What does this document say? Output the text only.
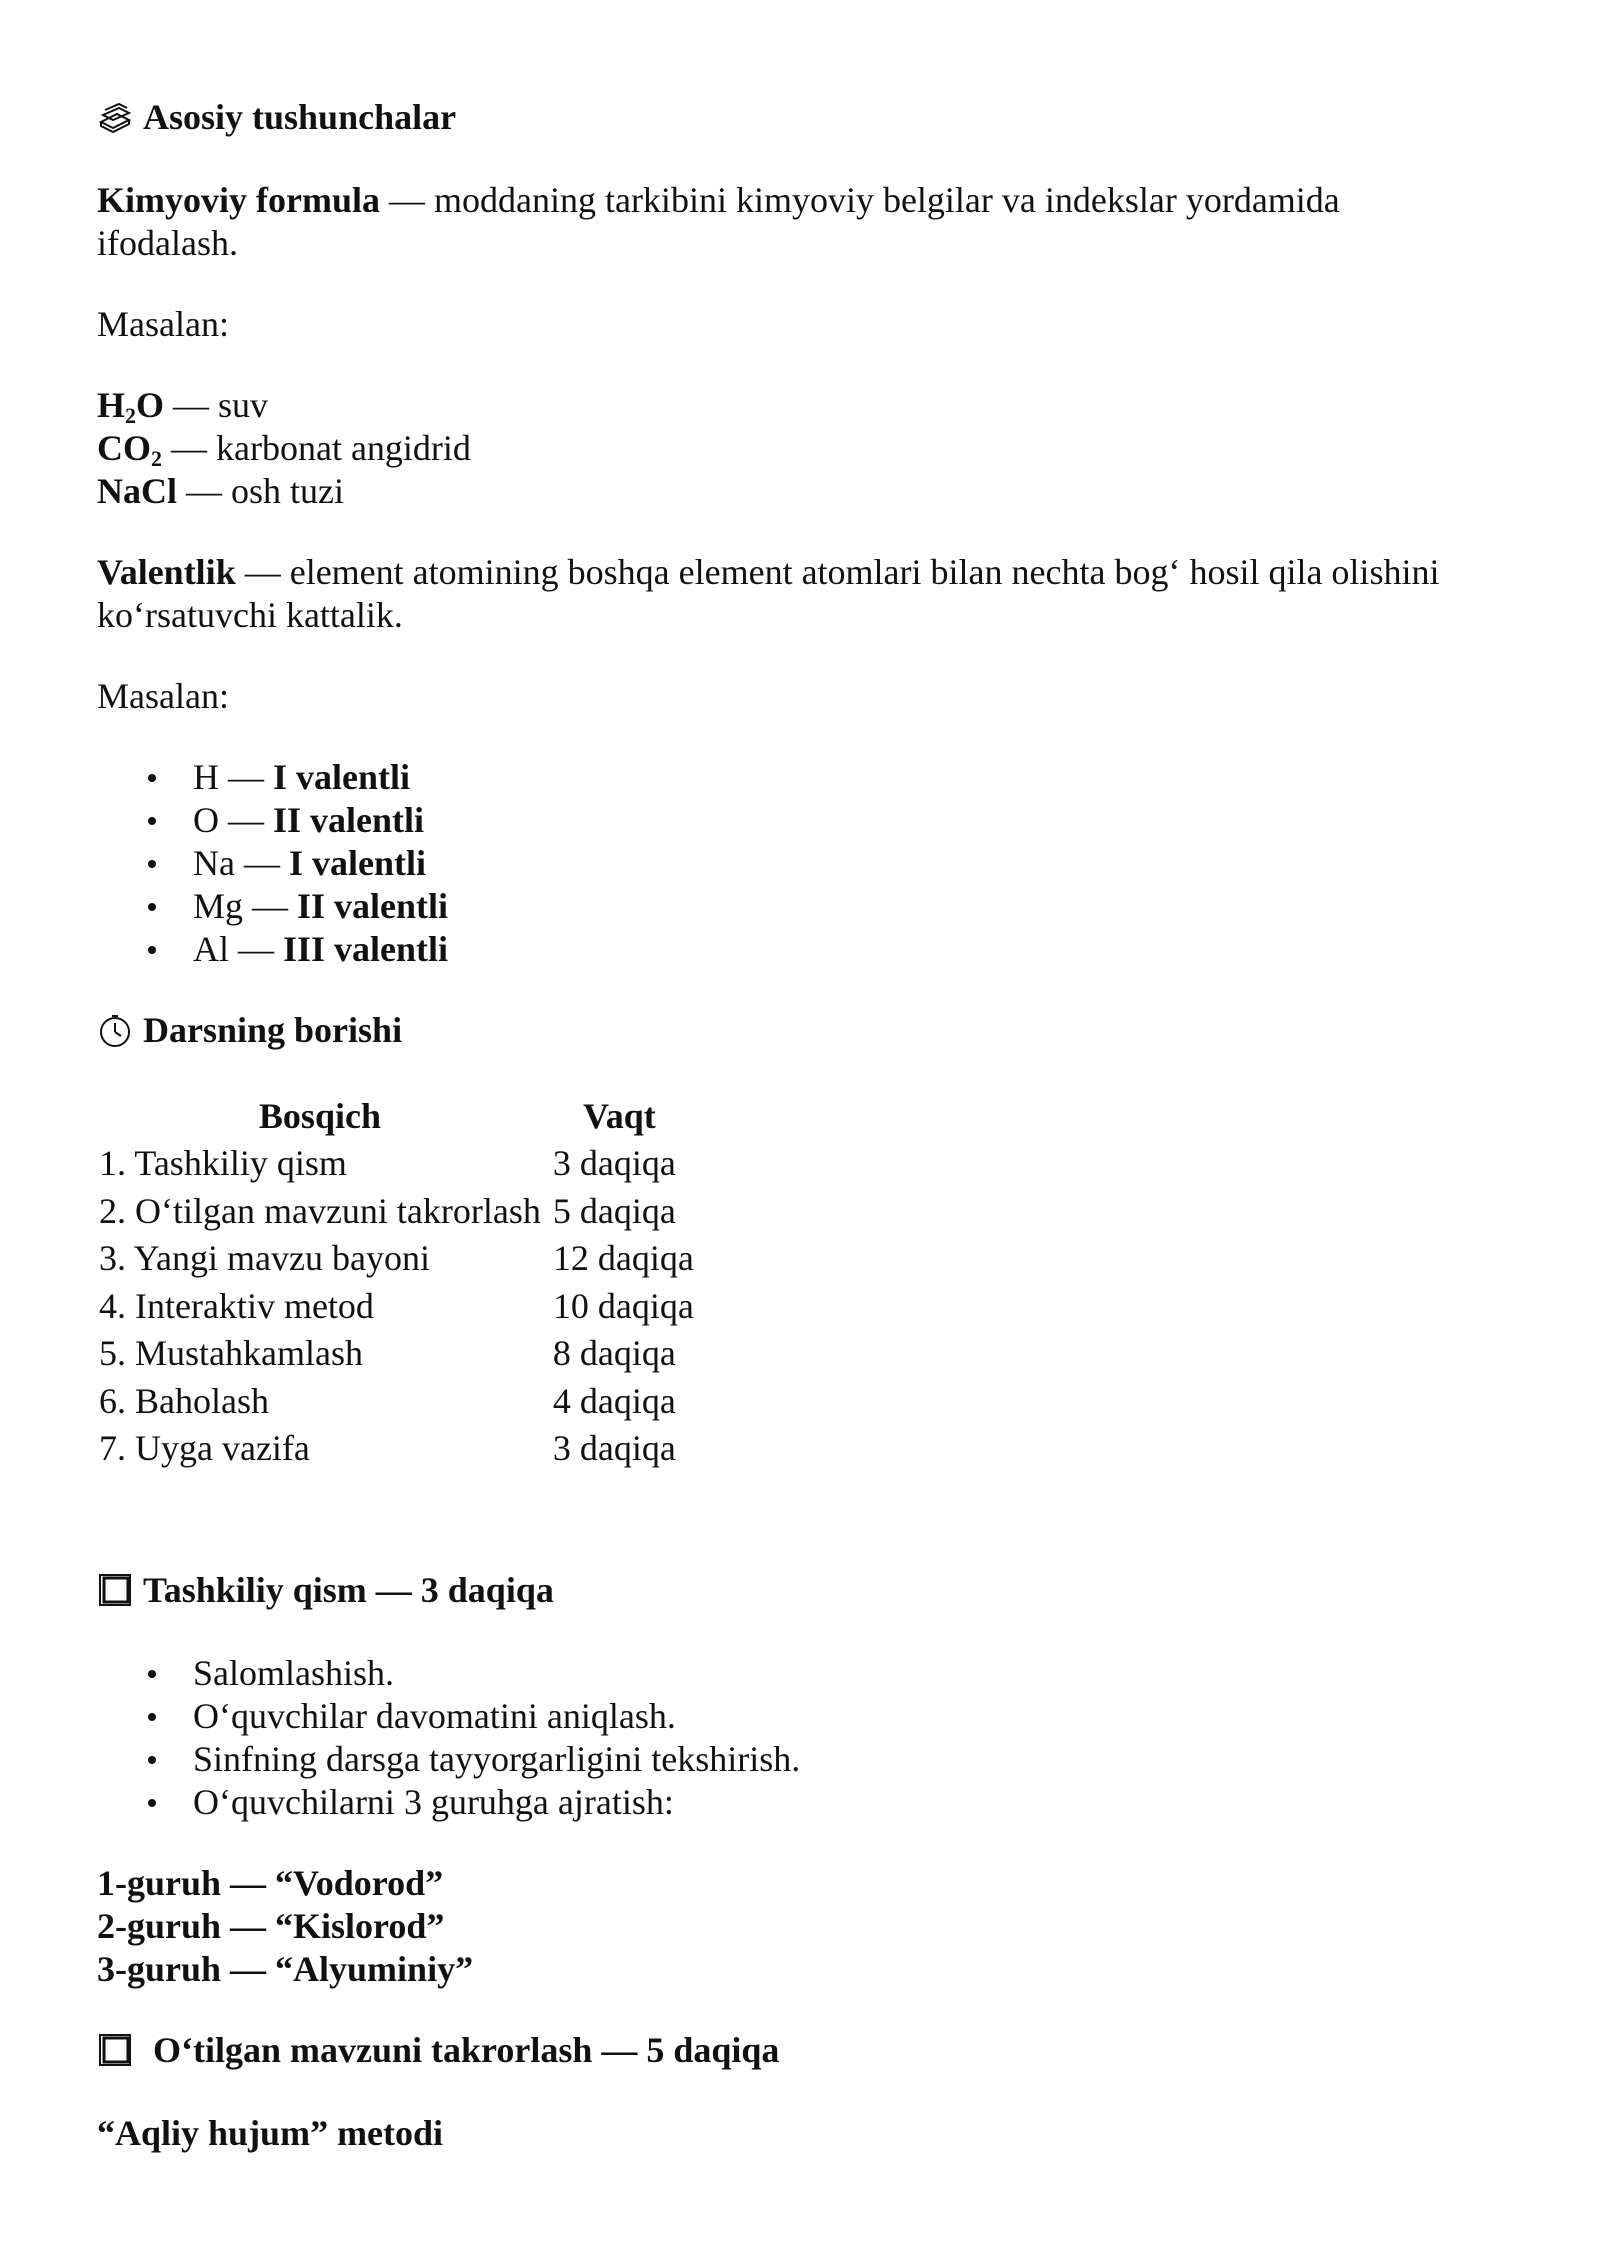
Asosiy tushunchalar

Kimyoviy formula — moddaning tarkibini kimyoviy belgilar va indekslar yordamida ifodalash.

Masalan:

$H_2O$ — suv
$CO_2$ — karbonat angidrid
NaCl — osh tuzi

Valentlik — element atomining boshqa element atomlari bilan nechta bog‘ hosil qila olishini ko‘rsatuvchi kattalik.

Masalan:

H — I valentli
O — II valentli
Na — I valentli
Mg — II valentli
Al — III valentli

Darsning borishi

Bosqich	Vaqt
1. Tashkiliy qism	3 daqiqa
2. O‘tilgan mavzuni takrorlash	5 daqiqa
3. Yangi mavzu bayoni	12 daqiqa
4. Interaktiv metod	10 daqiqa
5. Mustahkamlash	8 daqiqa
6. Baholash	4 daqiqa
7. Uyga vazifa	3 daqiqa

Tashkiliy qism — 3 daqiqa

Salomlashish.
O‘quvchilar davomatini aniqlash.
Sinfning darsga tayyorgarligini tekshirish.
O‘quvchilarni 3 guruhga ajratish:
1-guruh — “Vodorod”
2-guruh — “Kislorod”
3-guruh — “Alyuminiy”

O‘tilgan mavzuni takrorlash — 5 daqiqa

“Aqliy hujum” metodi
